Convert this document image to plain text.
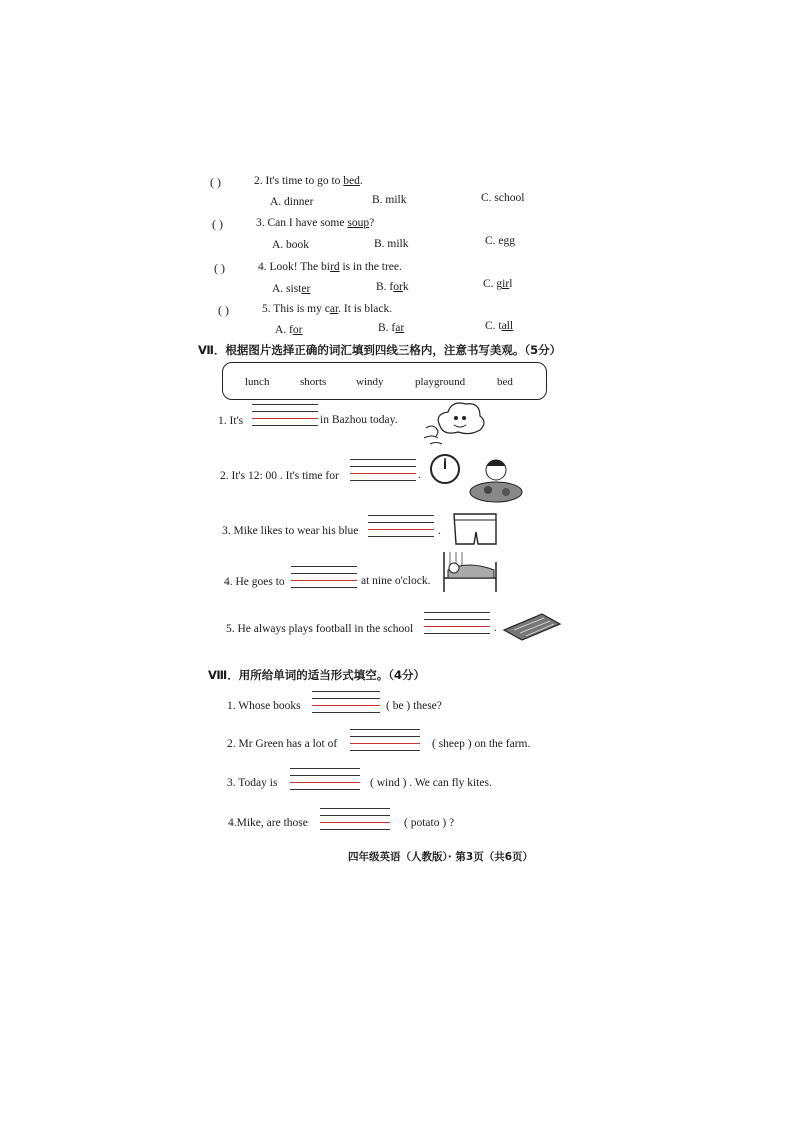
( )	2. It's time to go to bed.
A. dinner	B. milk	C. school
( )	3. Can I have some soup?
A. book	B. milk	C. egg
( )	4. Look! The bird is in the tree.
A. sister	B. fork	C. girl
( )	5. This is my car. It is black.
A. for	B. far	C. tall
Ⅶ．根据图片选择正确的词汇填到四线三格内，注意书写美观。（5分）
lunch	shorts	windy	playground	bed
1. It's	in Bazhou today.
2. It's 12: 00 . It's time for	.
3. Mike likes to wear his blue	.
4. He goes to	at nine o'clock.
5. He always plays football in the school	.
Ⅷ．用所给单词的适当形式填空。（4分）
1. Whose books	( be ) these?
2. Mr Green has a lot of	( sheep ) on the farm.
3. Today is	( wind ) . We can fly kites.
4.Mike, are those	( potato ) ?
四年级英语（人教版）· 第3页（共6页）
